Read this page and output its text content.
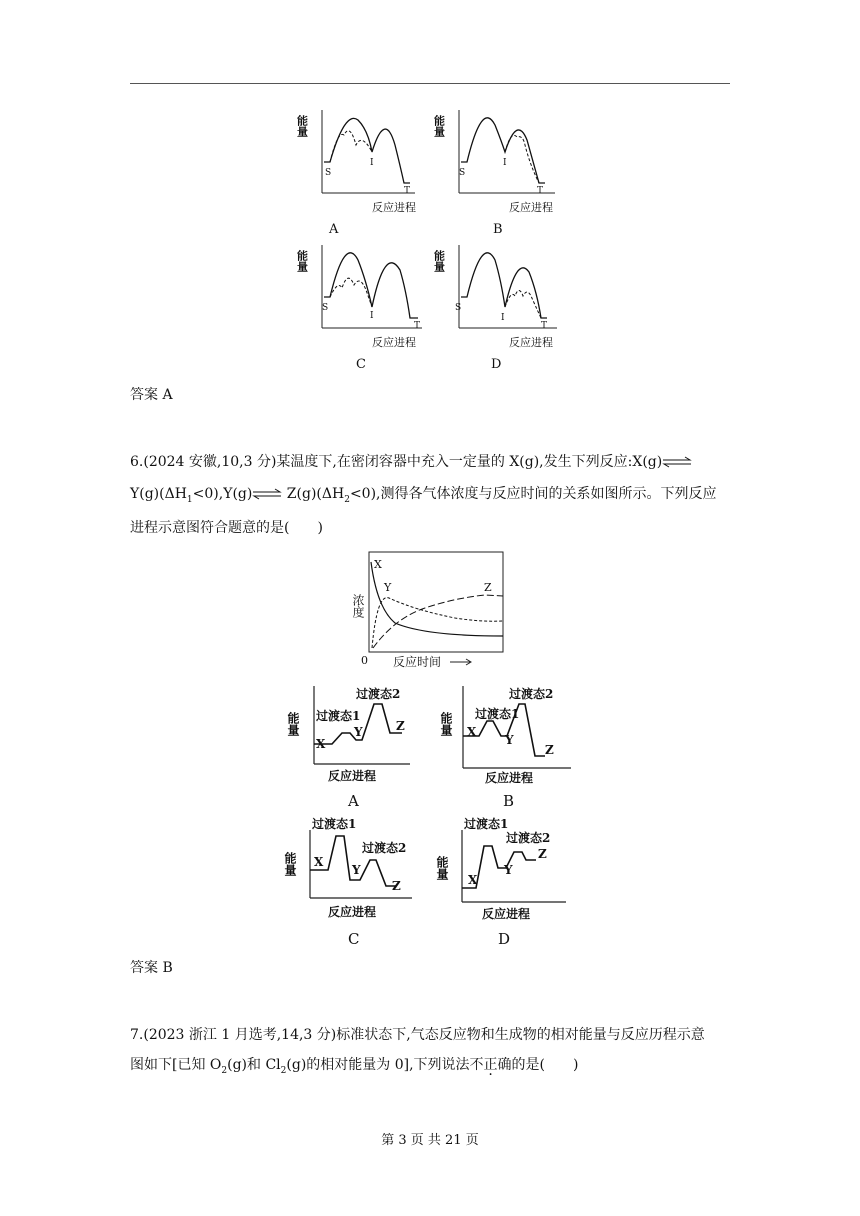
能量
S
I
T
反应进程
A
能量
S
I
T
反应进程
B
能量
S
I
T
反应进程
C
能量
S
I
T
反应进程
D
答案 A
6.(2024 安徽,10,3 分)某温度下,在密闭容器中充入一定量的 X(g),发生下列反应:X(g)⇌
$Y(g)(\Delta H_1<0),Y(g)\rightleftharpoons$ $Z(g)(\Delta H_2<0)$,测得各气体浓度与反应时间的关系如图所示。下列反应
进程示意图符合题意的是(　　)
X
Y	Z
浓度
0 反应时间
能量
过渡态2
过渡态1
X
Y	Z
反应进程
A
能量
过渡态2
过渡态1
X
Y
Z
反应进程
B
能量
过渡态1
过渡态2
X
Y
Z
反应进程
C
能量
过渡态1
过渡态2
X
Y
Z
反应进程
D
答案 B
7.(2023 浙江 1 月选考,14,3 分)标准状态下,气态反应物和生成物的相对能量与反应历程示意
图如下[已知 $O_2(g)$和 $Cl_2(g)$的相对能量为 0],下列说法不正确的是(　　)
第 3 页 共 21 页
